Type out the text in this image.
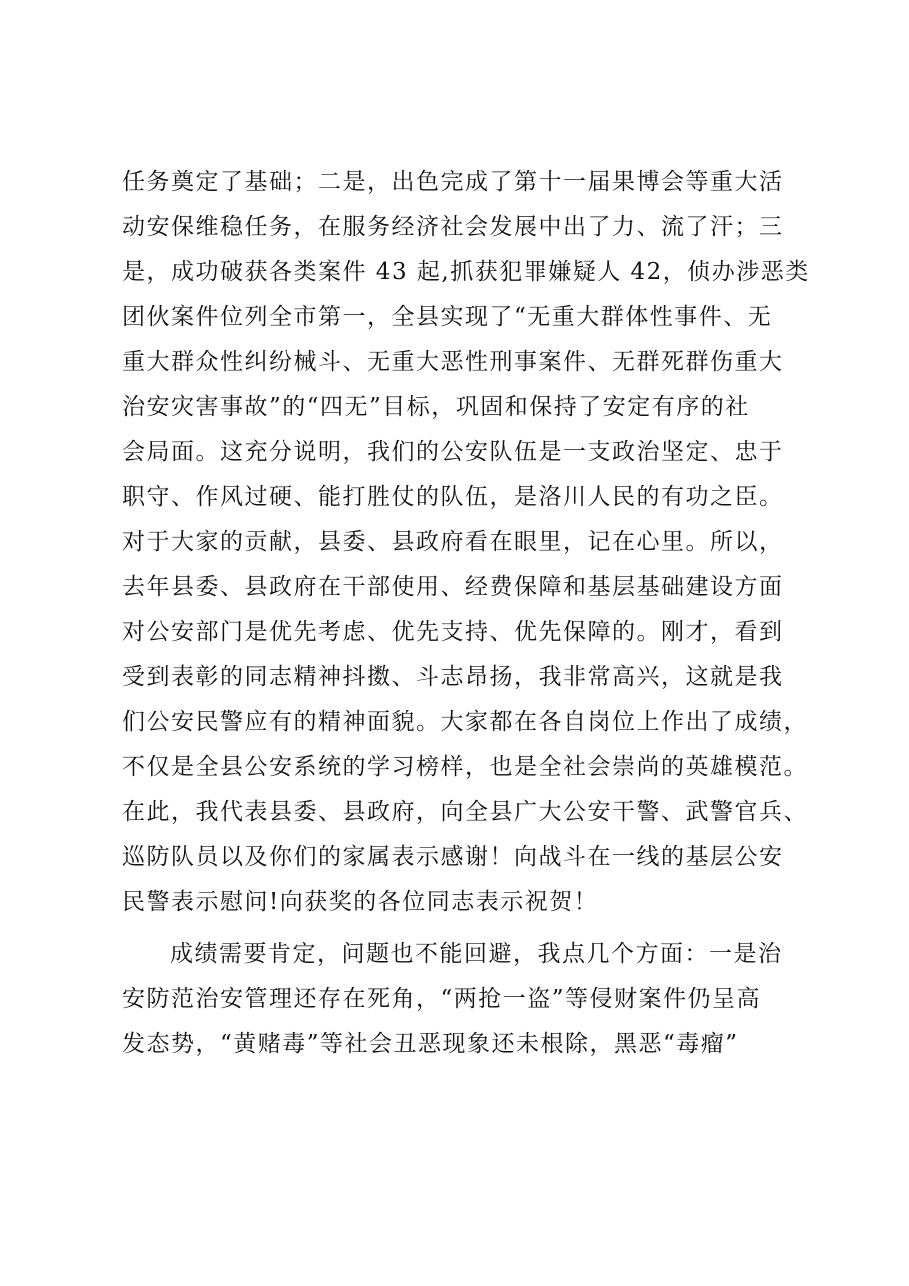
任务奠定了基础；二是，出色完成了第十一届果博会等重大活
动安保维稳任务，在服务经济社会发展中出了力、流了汗；三
是，成功破获各类案件 43 起,抓获犯罪嫌疑人 42，侦办涉恶类
团伙案件位列全市第一，全县实现了“无重大群体性事件、无
重大群众性纠纷械斗、无重大恶性刑事案件、无群死群伤重大
治安灾害事故”的“四无”目标，巩固和保持了安定有序的社
会局面。这充分说明，我们的公安队伍是一支政治坚定、忠于
职守、作风过硬、能打胜仗的队伍，是洛川人民的有功之臣。
对于大家的贡献，县委、县政府看在眼里，记在心里。所以，
去年县委、县政府在干部使用、经费保障和基层基础建设方面
对公安部门是优先考虑、优先支持、优先保障的。刚才，看到
受到表彰的同志精神抖擞、斗志昂扬，我非常高兴，这就是我
们公安民警应有的精神面貌。大家都在各自岗位上作出了成绩，
不仅是全县公安系统的学习榜样，也是全社会崇尚的英雄模范。
在此，我代表县委、县政府，向全县广大公安干警、武警官兵、
巡防队员以及你们的家属表示感谢！向战斗在一线的基层公安
民警表示慰问!向获奖的各位同志表示祝贺！
成绩需要肯定，问题也不能回避，我点几个方面：一是治
安防范治安管理还存在死角，“两抢一盗”等侵财案件仍呈高
发态势，“黄赌毒”等社会丑恶现象还未根除，黑恶“毒瘤”
